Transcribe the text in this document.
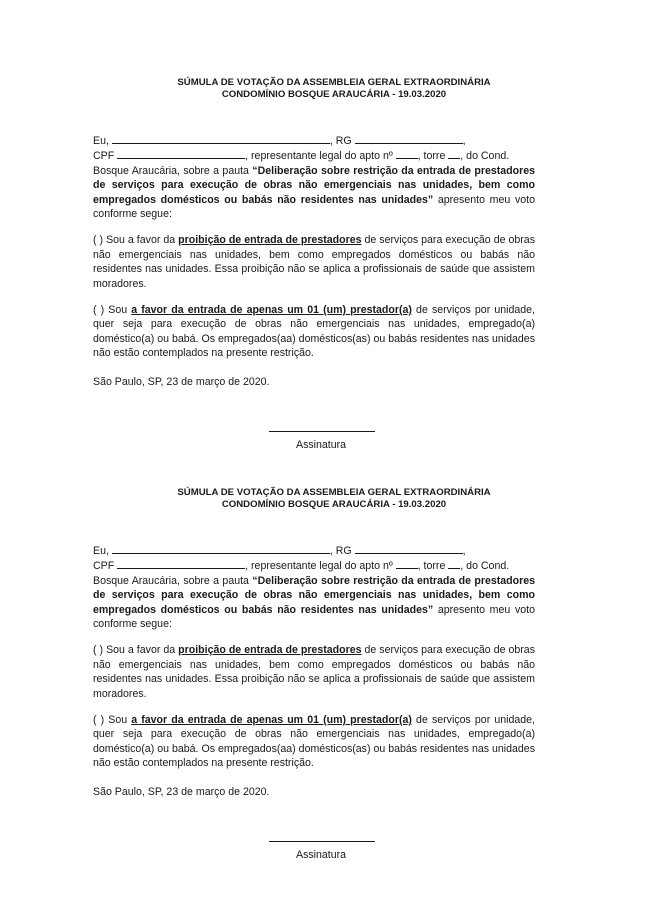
SÚMULA DE VOTAÇÃO DA ASSEMBLEIA GERAL EXTRAORDINÁRIA

CONDOMÍNIO BOSQUE ARAUCÁRIA - 19.03.2020

Eu,	, RG	,

CPF	, representante legal do apto nº , torre , do Cond.

Bosque Araucária, sobre a pauta “Deliberação sobre restrição da entrada de prestadores de serviços para execução de obras não emergenciais nas unidades, bem como empregados domésticos ou babás não residentes nas unidades” apresento meu voto conforme segue:

( ) Sou a favor da proibição de entrada de prestadores de serviços para execução de obras não emergenciais nas unidades, bem como empregados domésticos ou babás não residentes nas unidades. Essa proibição não se aplica a profissionais de saúde que assistem moradores.

( ) Sou a favor da entrada de apenas um 01 (um) prestador(a) de serviços por unidade, quer seja para execução de obras não emergenciais nas unidades, empregado(a) doméstico(a) ou babá. Os empregados(aa) domésticos(as) ou babás residentes nas unidades não estão contemplados na presente restrição.

São Paulo, SP, 23 de março de 2020.

Assinatura

SÚMULA DE VOTAÇÃO DA ASSEMBLEIA GERAL EXTRAORDINÁRIA

CONDOMÍNIO BOSQUE ARAUCÁRIA - 19.03.2020

Eu,	, RG	,

CPF	, representante legal do apto nº , torre , do Cond.

Bosque Araucária, sobre a pauta “Deliberação sobre restrição da entrada de prestadores de serviços para execução de obras não emergenciais nas unidades, bem como empregados domésticos ou babás não residentes nas unidades” apresento meu voto conforme segue:

( ) Sou a favor da proibição de entrada de prestadores de serviços para execução de obras não emergenciais nas unidades, bem como empregados domésticos ou babás não residentes nas unidades. Essa proibição não se aplica a profissionais de saúde que assistem moradores.

( ) Sou a favor da entrada de apenas um 01 (um) prestador(a) de serviços por unidade, quer seja para execução de obras não emergenciais nas unidades, empregado(a) doméstico(a) ou babá. Os empregados(aa) domésticos(as) ou babás residentes nas unidades não estão contemplados na presente restrição.

São Paulo, SP, 23 de março de 2020.

Assinatura
